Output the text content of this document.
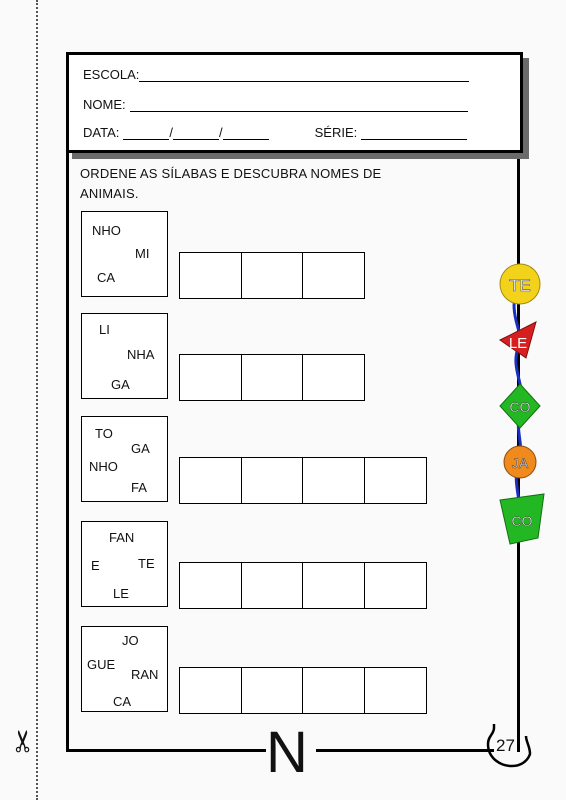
✂
ESCOLA:
NOME:
DATA:	/	/	SÉRIE:
ORDENE AS SÍLABAS E DESCUBRA NOMES DE ANIMAIS.
NHO
MI
CA
LI
NHA
GA
TO
GA
NHO
FA
FAN
E	TE
LE
JO
GUE
RAN
CA
TE
LE
CO
JA
CO
N	27
